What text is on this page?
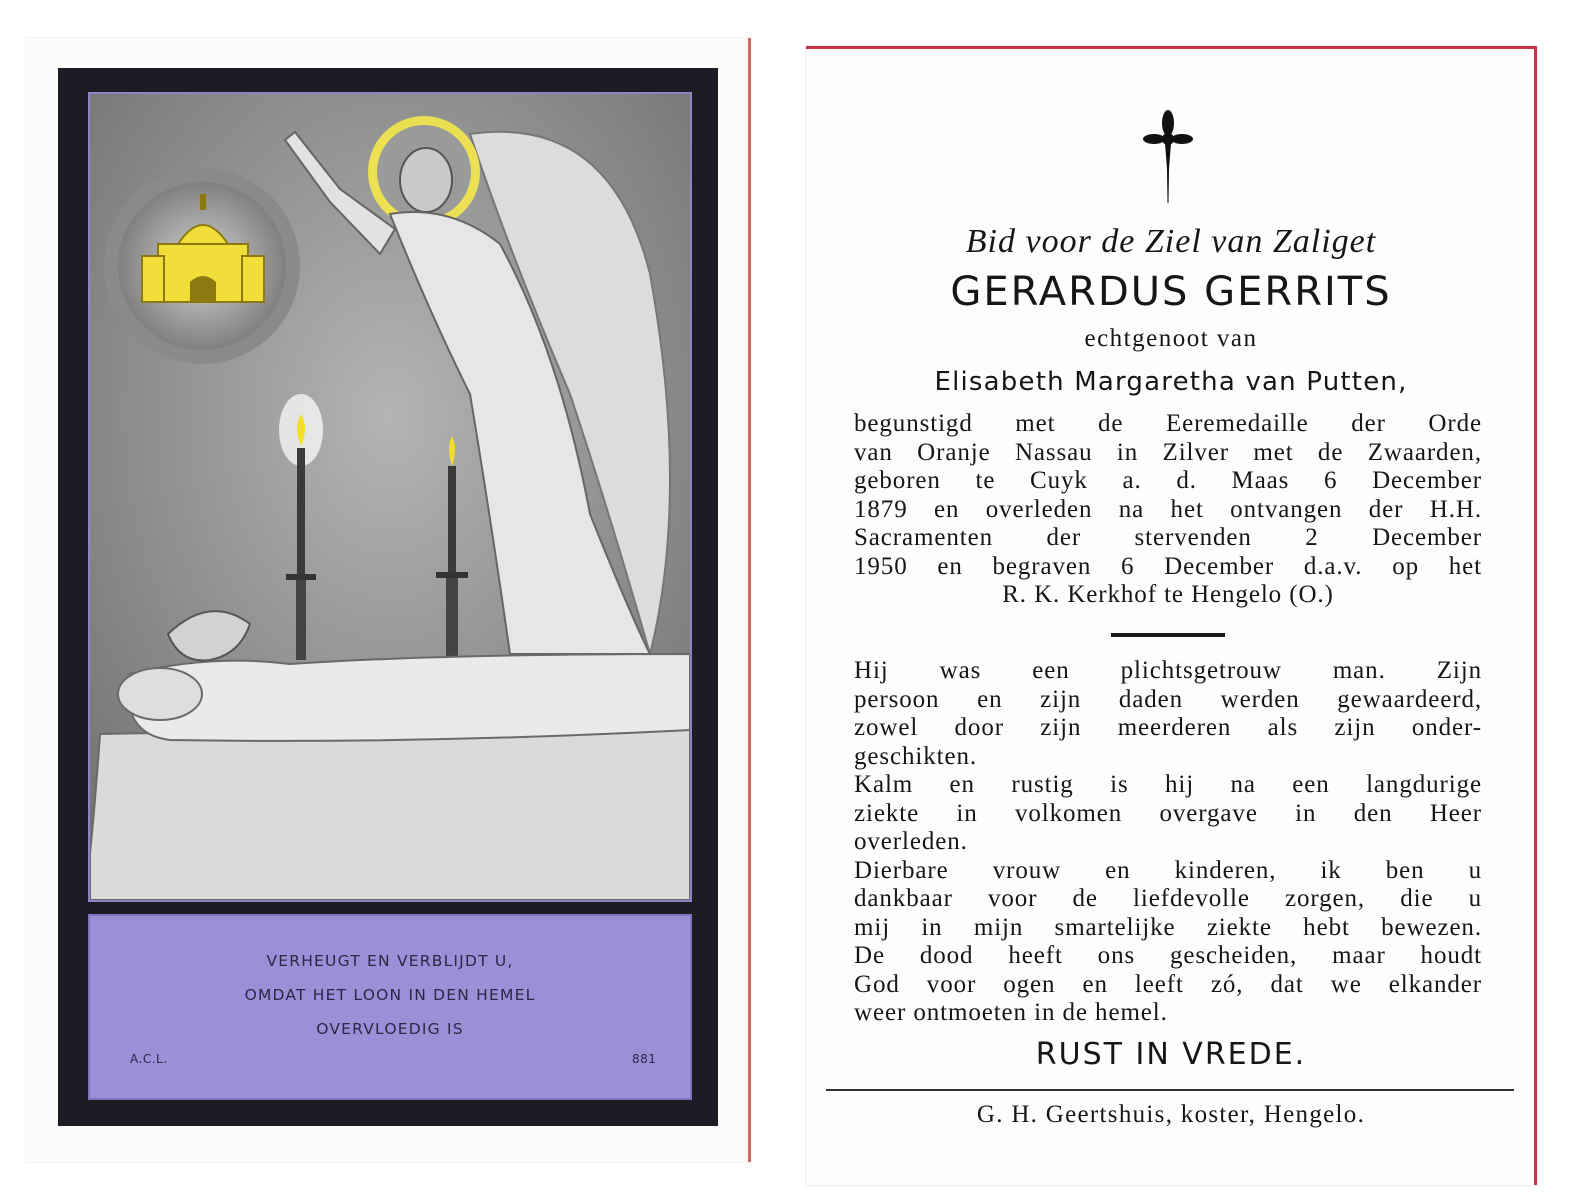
VERHEUGT EN VERBLIJDT U,
OMDAT HET LOON IN DEN HEMEL
OVERVLOEDIG IS
A.C.L.	881
Bid voor de Ziel van Zaliget
GERARDUS GERRITS
echtgenoot van
Elisabeth Margaretha van Putten,
begunstigd met de Eeremedaille der Orde
van Oranje Nassau in Zilver met de Zwaarden,
geboren te Cuyk a. d. Maas 6 December
1879 en overleden na het ontvangen der H.H.
Sacramenten der stervenden 2 December
1950 en begraven 6 December d.a.v. op het
R. K. Kerkhof te Hengelo (O.)
Hij was een plichtsgetrouw man. Zijn
persoon en zijn daden werden gewaardeerd,
zowel door zijn meerderen als zijn onder-
geschikten.
Kalm en rustig is hij na een langdurige
ziekte in volkomen overgave in den Heer
overleden.
Dierbare vrouw en kinderen, ik ben u
dankbaar voor de liefdevolle zorgen, die u
mij in mijn smartelijke ziekte hebt bewezen.
De dood heeft ons gescheiden, maar houdt
God voor ogen en leeft zó, dat we elkander
weer ontmoeten in de hemel.
RUST IN VREDE.
G. H. Geertshuis, koster, Hengelo.
